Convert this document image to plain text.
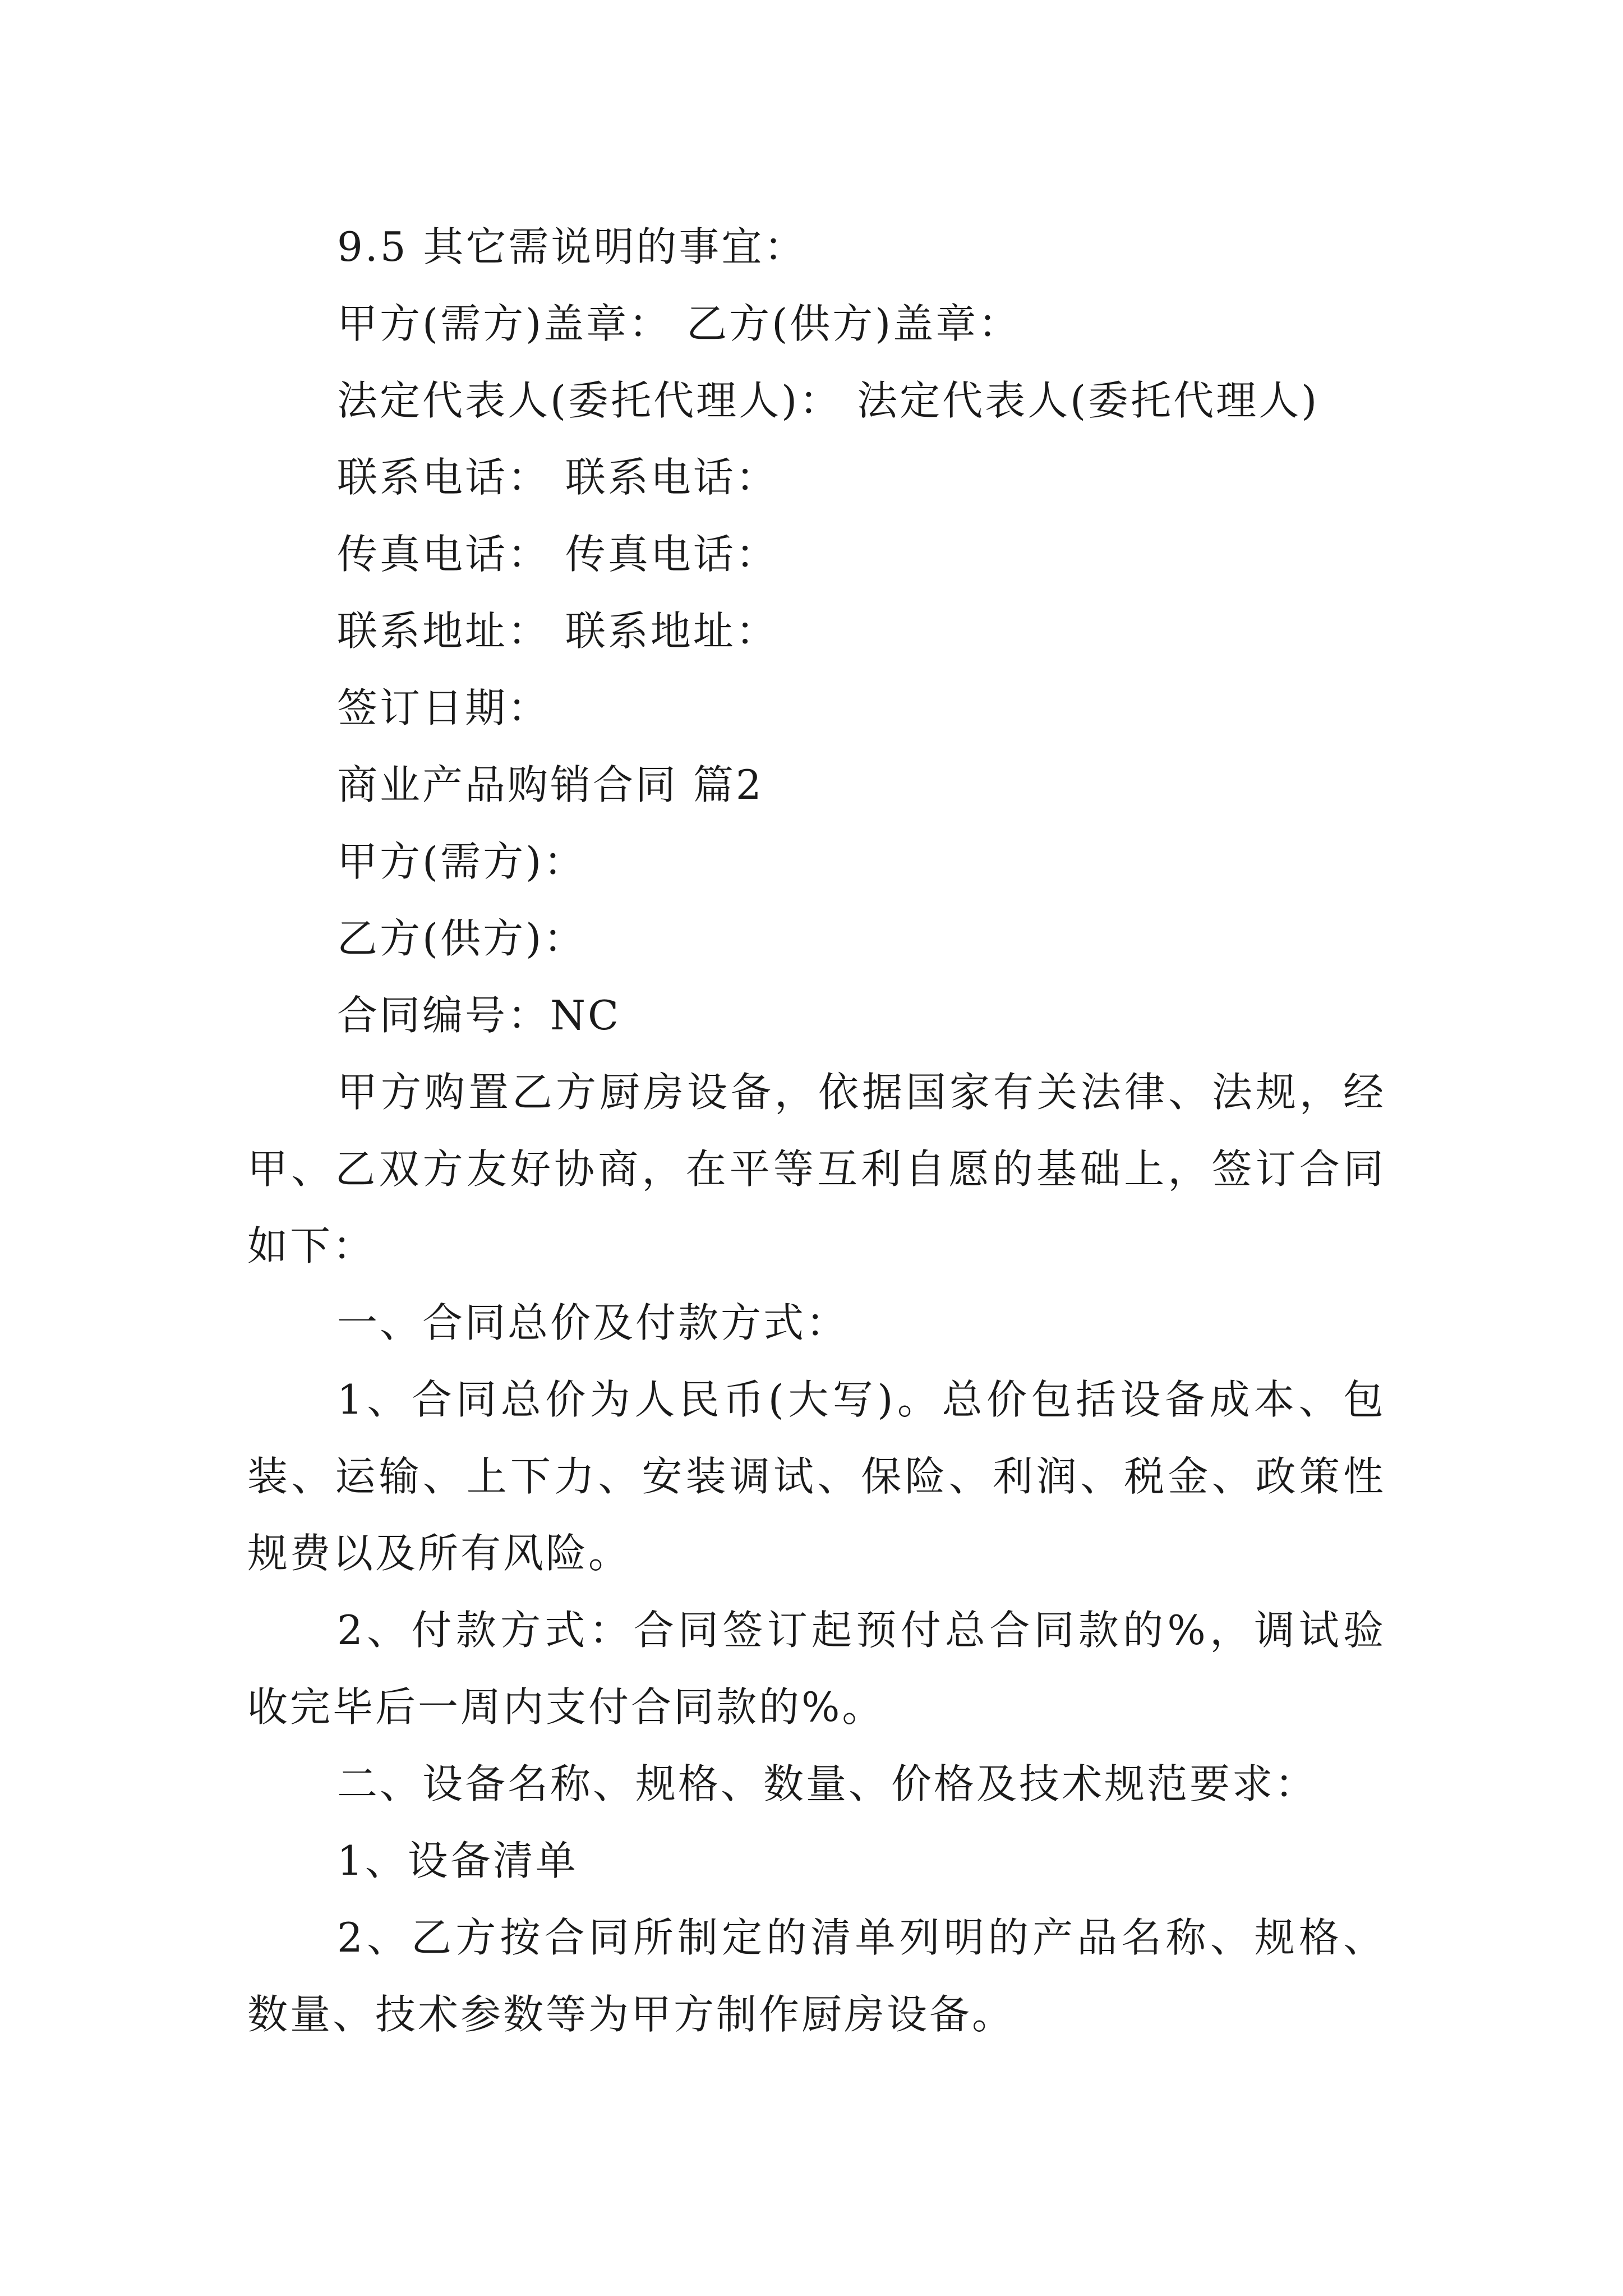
9.5 其它需说明的事宜：

甲方(需方)盖章： 乙方(供方)盖章：

法定代表人(委托代理人)： 法定代表人(委托代理人)

联系电话： 联系电话：

传真电话： 传真电话：

联系地址： 联系地址：

签订日期：

商业产品购销合同 篇2

甲方(需方)：

乙方(供方)：

合同编号：NC

甲方购置乙方厨房设备，依据国家有关法律、法规，经甲、乙双方友好协商，在平等互利自愿的基础上，签订合同如下：

一、合同总价及付款方式：

1、合同总价为人民币(大写)。总价包括设备成本、包装、运输、上下力、安装调试、保险、利润、税金、政策性规费以及所有风险。

2、付款方式：合同签订起预付总合同款的%，调试验收完毕后一周内支付合同款的%。

二、设备名称、规格、数量、价格及技术规范要求：

1、设备清单

2、乙方按合同所制定的清单列明的产品名称、规格、数量、技术参数等为甲方制作厨房设备。
